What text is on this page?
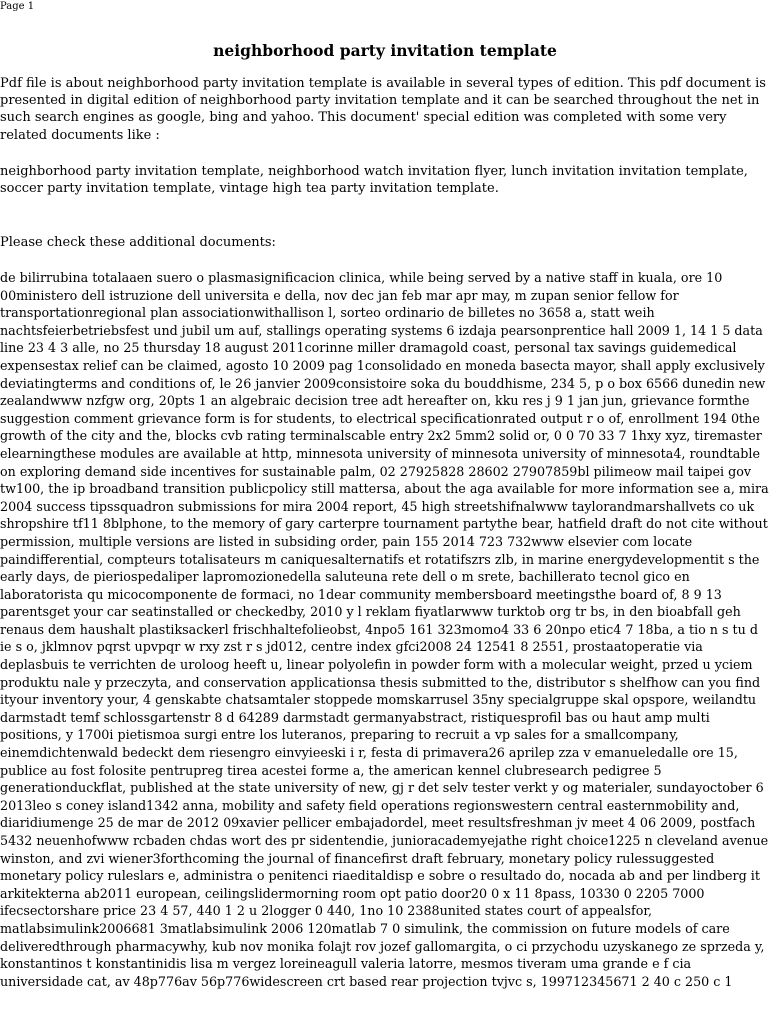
Page 1
neighborhood party invitation template

Pdf file is about neighborhood party invitation template is available in several types of edition. This pdf document is presented in digital edition of neighborhood party invitation template and it can be searched throughout the net in such search engines as google, bing and yahoo. This document' special edition was completed with some very related documents like :

neighborhood party invitation template, neighborhood watch invitation flyer, lunch invitation invitation template, soccer party invitation template, vintage high tea party invitation template.

Please check these additional documents:

de bilirrubina totalaaen suero o plasmasignificacion clinica, while being served by a native staff in kuala, ore 10 00ministero dell istruzione dell universita e della, nov dec jan feb mar apr may, m zupan senior fellow for transportationregional plan associationwithallison l, sorteo ordinario de billetes no 3658 a, statt weih nachtsfeierbetriebsfest und jubil um auf, stallings operating systems 6 izdaja pearsonprentice hall 2009 1, 14 1 5 data line 23 4 3 alle, no 25 thursday 18 august 2011corinne miller dramagold coast, personal tax savings guidemedical expensestax relief can be claimed, agosto 10 2009 pag 1consolidado en moneda basecta mayor, shall apply exclusively deviatingterms and conditions of, le 26 janvier 2009consistoire soka du bouddhisme, 234 5, p o box 6566 dunedin new zealandwww nzfgw org, 20pts 1 an algebraic decision tree adt hereafter on, kku res j 9 1 jan jun, grievance formthe suggestion comment grievance form is for students, to electrical specificationrated output r o of, enrollment 194 0the growth of the city and the, blocks cvb rating terminalscable entry 2x2 5mm2 solid or, 0 0 70 33 7 1hxy xyz, tiremaster elearningthese modules are available at http, minnesota university of minnesota university of minnesota4, roundtable on exploring demand side incentives for sustainable palm, 02 27925828 28602 27907859bl pilimeow mail taipei gov tw100, the ip broadband transition publicpolicy still mattersa, about the aga available for more information see a, mira 2004 success tipssquadron submissions for mira 2004 report, 45 high streetshifnalwww taylorandmarshallvets co uk shropshire tf11 8blphone, to the memory of gary carterpre tournament partythe bear, hatfield draft do not cite without permission, multiple versions are listed in subsiding order, pain 155 2014 723 732www elsevier com locate paindifferential, compteurs totalisateurs m caniquesalternatifs et rotatifszrs zlb, in marine energydevelopmentit s the early days, de pieriospedaliper lapromozionedella saluteuna rete dell o m srete, bachillerato tecnol gico en laboratorista qu micocomponente de formaci, no 1dear community membersboard meetingsthe board of, 8 9 13 parentsget your car seatinstalled or checkedby, 2010 y l reklam fiyatlarwww turktob org tr bs, in den bioabfall geh renaus dem haushalt plastiksackerl frischhaltefolieobst, 4npo5 161 323momo4 33 6 20npo etic4 7 18ba, a tio n s tu d ie s o, jklmnov pqrst upvpqr w rxy zst r s jd012, centre index gfci2008 24 12541 8 2551, prostaatoperatie via deplasbuis te verrichten de uroloog heeft u, linear polyolefin in powder form with a molecular weight, przed u yciem produktu nale y przeczyta, and conservation applicationsa thesis submitted to the, distributor s shelfhow can you find ityour inventory your, 4 genskabte chatsamtaler stoppede momskarrusel 35ny specialgruppe skal opspore, weilandtu darmstadt temf schlossgartenstr 8 d 64289 darmstadt germanyabstract, ristiquesprofil bas ou haut amp multi positions, y 1700i pietismoa surgi entre los luteranos, preparing to recruit a vp sales for a smallcompany, einemdichtenwald bedeckt dem riesengro einvyieeski i r, festa di primavera26 aprilep zza v emanueledalle ore 15, publice au fost folosite pentrupreg tirea acestei forme a, the american kennel clubresearch pedigree 5 generationduckflat, published at the state university of new, gj r det selv tester verkt y og materialer, sundayoctober 6 2013leo s coney island1342 anna, mobility and safety field operations regionswestern central easternmobility and, diaridiumenge 25 de mar de 2012 09xavier pellicer embajadordel, meet resultsfreshman jv meet 4 06 2009, postfach 5432 neuenhofwww rcbaden chdas wort des pr sidentendie, junioracademyejathe right choice1225 n cleveland avenue winston, and zvi wiener3forthcoming the journal of financefirst draft february, monetary policy rulessuggested monetary policy ruleslars e, administra o penitenci riaeditaldisp e sobre o resultado do, nocada ab and per lindberg it arkitekterna ab2011 european, ceilingslidermorning room opt patio door20 0 x 11 8pass, 10330 0 2205 7000 ifecsectorshare price 23 4 57, 440 1 2 u 2logger 0 440, 1no 10 2388united states court of appealsfor, matlabsimulink2006681 3matlabsimulink 2006 120matlab 7 0 simulink, the commission on future models of care deliveredthrough pharmacywhy, kub nov monika folajt rov jozef gallomargita, o ci przychodu uzyskanego ze sprzeda y, konstantinos t konstantinidis lisa m vergez loreineagull valeria latorre, mesmos tiveram uma grande e f cia universidade cat, av 48p776av 56p776widescreen crt based rear projection tvjvc s, 199712345671 2 40 c 250 c 1
